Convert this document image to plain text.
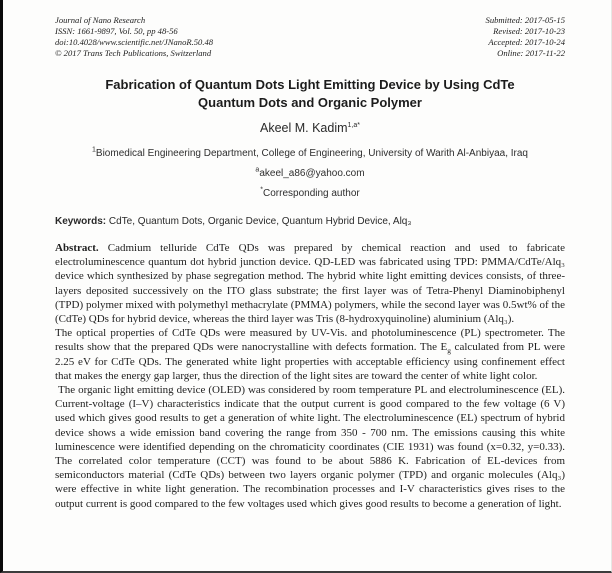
Journal of Nano Research
ISSN: 1661-9897, Vol. 50, pp 48-56
doi:10.4028/www.scientific.net/JNanoR.50.48
© 2017 Trans Tech Publications, Switzerland
Submitted: 2017-05-15
Revised: 2017-10-23
Accepted: 2017-10-24
Online: 2017-11-22
Fabrication of Quantum Dots Light Emitting Device by Using CdTe Quantum Dots and Organic Polymer
Akeel M. Kadim$^{1,a*}$
$^1$Biomedical Engineering Department, College of Engineering, University of Warith Al-Anbiyaa, Iraq
$^a$akeel_a86@yahoo.com
*Corresponding author
Keywords: CdTe, Quantum Dots, Organic Device, Quantum Hybrid Device, Alq₃

Abstract. Cadmium telluride CdTe QDs was prepared by chemical reaction and used to fabricate electroluminescence quantum dot hybrid junction device. QD-LED was fabricated using TPD: PMMA/CdTe/Alq₃ device which synthesized by phase segregation method. The hybrid white light emitting devices consists, of three-layers deposited successively on the ITO glass substrate; the first layer was of Tetra-Phenyl Diaminobiphenyl (TPD) polymer mixed with polymethyl methacrylate (PMMA) polymers, while the second layer was 0.5wt% of the (CdTe) QDs for hybrid device, whereas the third layer was Tris (8-hydroxyquinoline) aluminium (Alq₃).

The optical properties of CdTe QDs were measured by UV-Vis. and photoluminescence (PL) spectrometer. The results show that the prepared QDs were nanocrystalline with defects formation. The $E_g$ calculated from PL were 2.25 eV for CdTe QDs. The generated white light properties with acceptable efficiency using confinement effect that makes the energy gap larger, thus the direction of the light sites are toward the center of white light color.

The organic light emitting device (OLED) was considered by room temperature PL and electroluminescence (EL). Current-voltage (I–V) characteristics indicate that the output current is good compared to the few voltage (6 V) used which gives good results to get a generation of white light. The electroluminescence (EL) spectrum of hybrid device shows a wide emission band covering the range from 350 - 700 nm. The emissions causing this white luminescence were identified depending on the chromaticity coordinates (CIE 1931) was found (x=0.32, y=0.33). The correlated color temperature (CCT) was found to be about 5886 K. Fabrication of EL-devices from semiconductors material (CdTe QDs) between two layers organic polymer (TPD) and organic molecules (Alq₃) were effective in white light generation. The recombination processes and I-V characteristics gives rises to the output current is good compared to the few voltages used which gives good results to become a generation of light.
